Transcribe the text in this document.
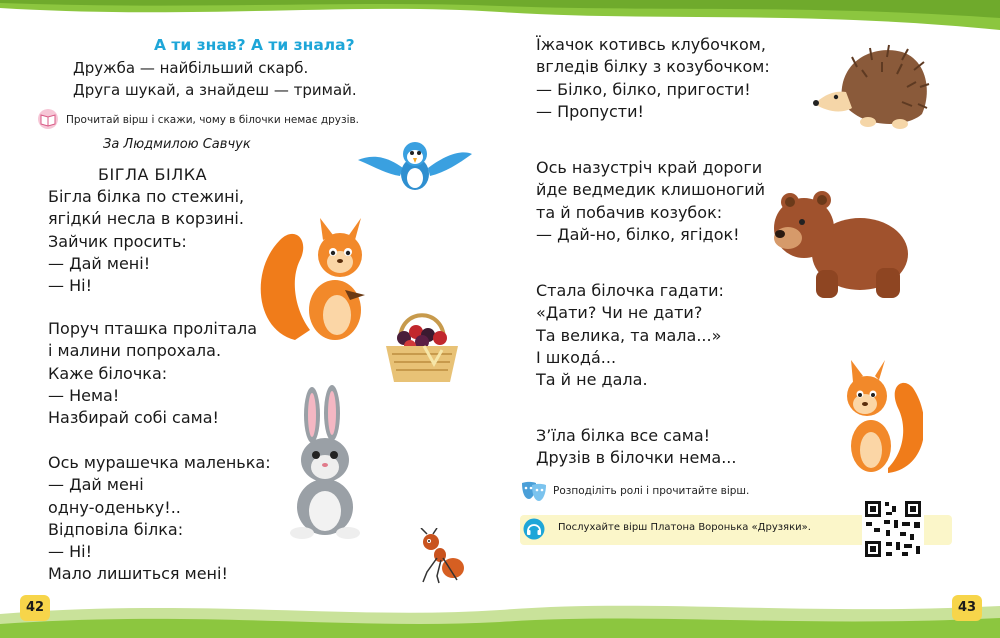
А ти знав? А ти знала?
Дружба — найбільший скарб.
Друга шукай, а знайдеш — тримай.
Прочитай вірш і скажи, чому в білочки немає друзів.
За Людмилою Савчук
БІГЛА БІЛКА
Бігла білка по стежині,
ягідки́ несла в корзині.
Зайчик просить:
— Дай мені!
— Ні!
Поруч пташка пролітала
і малини попрохала.
Каже білочка:
— Нема!
Назбирай собі сама!
Ось мурашечка маленька:
— Дай мені
одну-оденьку!..
Відповіла білка:
— Ні!
Мало лишиться мені!
42
Їжачок котивсь клубочком,
вгледів білку з козубочком:
— Білко, білко, пригости!
— Пропусти!
Ось назустріч край дороги
йде ведмедик клишоногий
та й побачив козубок:
— Дай-но, білко, ягідок!
Стала білочка гадати:
«Дати? Чи не дати?
Та велика, та мала...»
І шкода́...
Та й не дала.
З’їла білка все сама!
Друзів в білочки нема...
Розподіліть ролі і прочитайте вірш.
Послухайте вірш Платона Воронька «Друзяки».
43
